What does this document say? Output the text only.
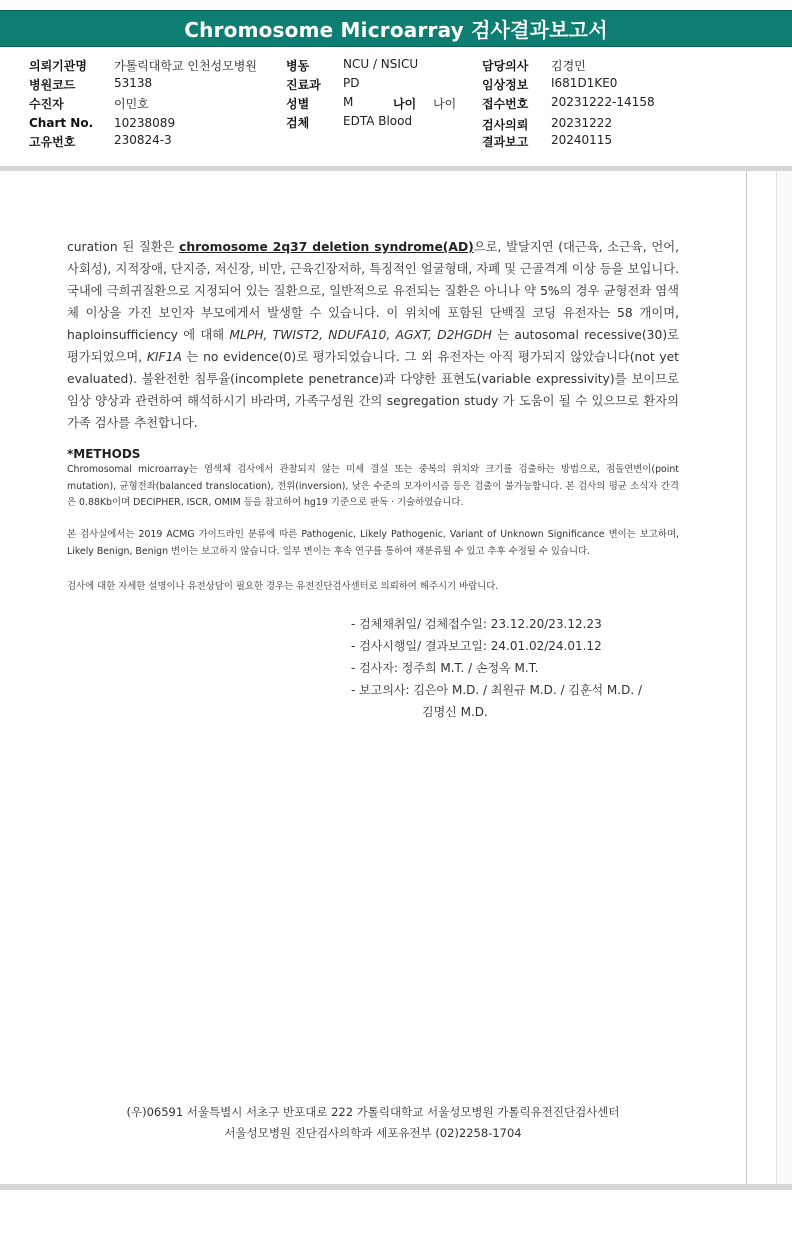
Chromosome Microarray 검사결과보고서
의뢰기관명 가톨릭대학교 인천성모병원
병원코드	53138
수진자	이민호
Chart No. 10238089
고유번호	230824-3
병동	NCU / NSICU
진료과 PD
성별	M	나이 나이
검체	EDTA Blood
담당의사 김경민
임상정보 I681D1KE0
접수번호 20231222-14158
검사의뢰 20231222
결과보고 20240115
curation 된 질환은 chromosome 2q37 deletion syndrome(AD)으로, 발달지연 (대근육, 소근육, 언어, 사회성), 지적장애, 단지증, 저신장, 비만, 근육긴장저하, 특징적인 얼굴형태, 자폐 및 근골격계 이상 등을 보입니다. 국내에 극희귀질환으로 지정되어 있는 질환으로, 일반적으로 유전되는 질환은 아니나 약 5%의 경우 균형전좌 염색체 이상을 가진 보인자 부모에게서 발생할 수 있습니다. 이 위치에 포함된 단백질 코딩 유전자는 58 개이며, haploinsufficiency 에 대해 MLPH, TWIST2, NDUFA10, AGXT, D2HGDH 는 autosomal recessive(30)로 평가되었으며, KIF1A 는 no evidence(0)로 평가되었습니다. 그 외 유전자는 아직 평가되지 않았습니다(not yet evaluated). 불완전한 침투율(incomplete penetrance)과 다양한 표현도(variable expressivity)를 보이므로 임상 양상과 관련하여 해석하시기 바라며, 가족구성원 간의 segregation study 가 도움이 될 수 있으므로 환자의 가족 검사를 추천합니다.
*METHODS
Chromosomal microarray는 염색체 검사에서 관찰되지 않는 미세 결실 또는 중복의 위치와 크기를 검출하는 방법으로, 점돌연변이(point mutation), 균형전좌(balanced translocation), 전위(inversion), 낮은 수준의 모자이시즘 등은 검출이 불가능합니다. 본 검사의 평균 소식자 간격은 0.88Kb이며 DECIPHER, ISCR, OMIM 등을 참고하여 hg19 기준으로 판독 · 기술하였습니다.
본 검사실에서는 2019 ACMG 가이드라인 분류에 따른 Pathogenic, Likely Pathogenic, Variant of Unknown Significance 변이는 보고하며, Likely Benign, Benign 변이는 보고하지 않습니다. 일부 변이는 후속 연구를 통하여 재분류될 수 있고 추후 수정될 수 있습니다.
검사에 대한 자세한 설명이나 유전상담이 필요한 경우는 유전진단검사센터로 의뢰하여 해주시기 바랍니다.
- 검체채취일/ 검체접수일: 23.12.20/23.12.23
- 검사시행일/ 결과보고일: 24.01.02/24.01.12
- 검사자: 정주희 M.T. / 손정옥 M.T.
- 보고의사: 김은아 M.D. / 최원규 M.D. / 김훈석 M.D. /
김명신 M.D.
(우)06591 서울특별시 서초구 반포대로 222 가톨릭대학교 서울성모병원 가톨릭유전진단검사센터
서울성모병원 진단검사의학과 세포유전부 (02)2258-1704
